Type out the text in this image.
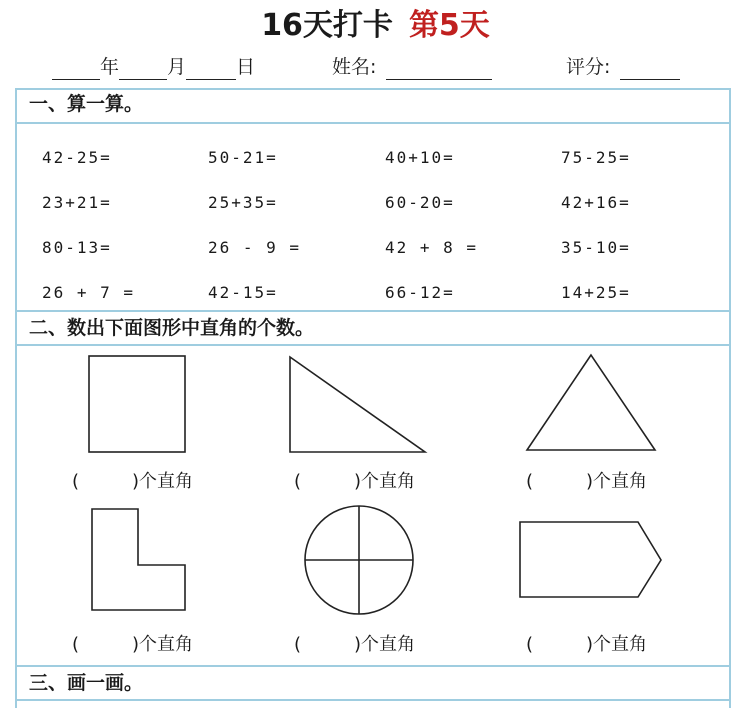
16天打卡 第5天
年	月	日	姓名:	评分:
一、算一算。
42-25=	50-21=	40+10=	75-25=
23+21=	25+35=	60-20=	42+16=
80-13=	26 - 9 =	42 + 8 =	35-10=
26 + 7 =	42-15=	66-12=	14+25=
二、数出下面图形中直角的个数。
(	)个直角	(	)个直角	(	)个直角
(	)个直角	(	)个直角	(	)个直角
三、画一画。
